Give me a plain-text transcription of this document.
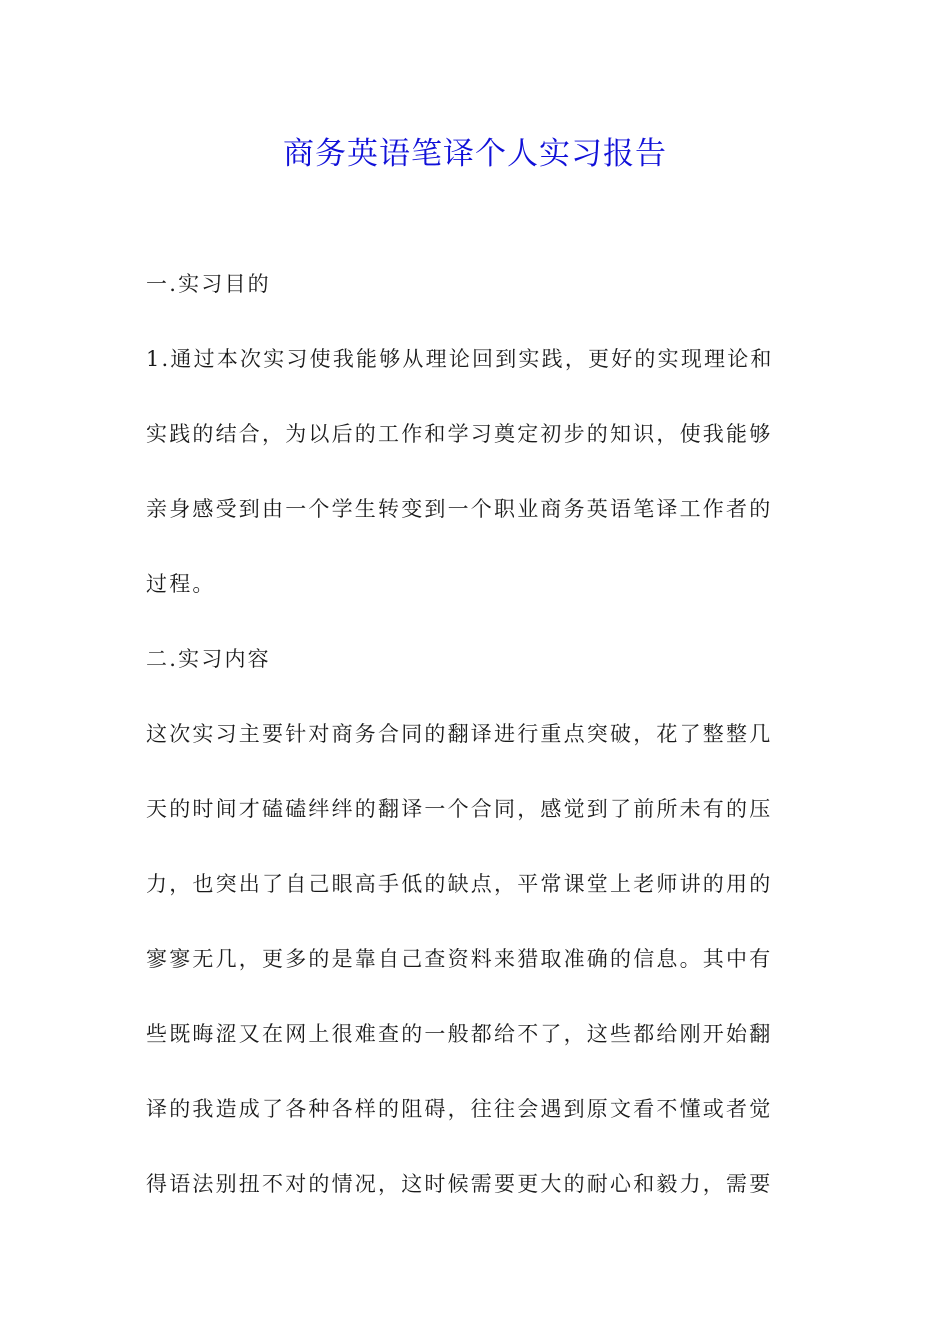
商务英语笔译个人实习报告

一.实习目的

1.通过本次实习使我能够从理论回到实践，更好的实现理论和

实践的结合，为以后的工作和学习奠定初步的知识，使我能够

亲身感受到由一个学生转变到一个职业商务英语笔译工作者的

过程。

二.实习内容

这次实习主要针对商务合同的翻译进行重点突破，花了整整几

天的时间才磕磕绊绊的翻译一个合同，感觉到了前所未有的压

力，也突出了自己眼高手低的缺点，平常课堂上老师讲的用的

寥寥无几，更多的是靠自己查资料来猎取准确的信息。其中有

些既晦涩又在网上很难查的一般都给不了，这些都给刚开始翻

译的我造成了各种各样的阻碍，往往会遇到原文看不懂或者觉

得语法别扭不对的情况，这时候需要更大的耐心和毅力，需要
